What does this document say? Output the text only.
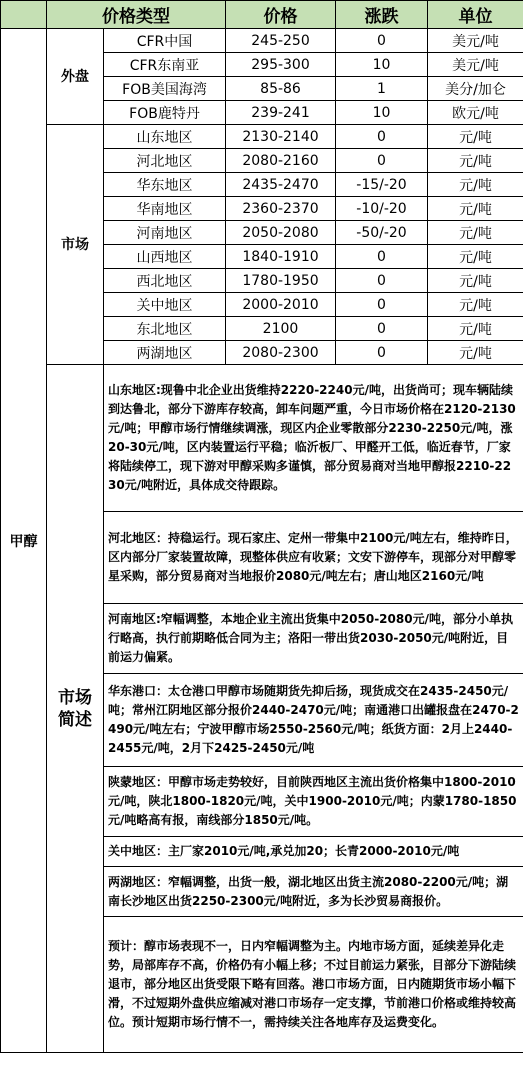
	价格类型		价格	涨跌	单位
甲醇	外盘	CFR中国	245-250	0	美元/吨
		CFR东南亚	295-300	10	美元/吨
		FOB美国海湾	85-86	1	美分/加仑
		FOB鹿特丹	239-241	10	欧元/吨
	市场	山东地区	2130-2140	0	元/吨
		河北地区	2080-2160	0	元/吨
		华东地区	2435-2470	-15/-20	元/吨
		华南地区	2360-2370	-10/-20	元/吨
		河南地区	2050-2080	-50/-20	元/吨
		山西地区	1840-1910	0	元/吨
		西北地区	1780-1950	0	元/吨
		关中地区	2000-2010	0	元/吨
		东北地区	2100	0	元/吨
		两湖地区	2080-2300	0	元/吨

	市场简述	山东地区:现鲁中北企业出货维持2220-2240元/吨，出货尚可；现车辆陆续到达鲁北，部分下游库存较高，卸车问题严重，今日市场价格在2120-2130元/吨；甲醇市场行情继续调涨，现区内企业零散部分2230-2250元/吨，涨20-30元/吨，区内装置运行平稳；临沂板厂、甲醛开工低，临近春节，厂家将陆续停工，现下游对甲醇采购多谨慎，部分贸易商对当地甲醇报2210-2230元/吨附近，具体成交待跟踪。			
		河北地区：持稳运行。现石家庄、定州一带集中2100元/吨左右，维持昨日，区内部分厂家装置故障，现整体供应有收紧；文安下游停车，现部分对甲醇零星采购，部分贸易商对当地报价2080元/吨左右；唐山地区2160元/吨			
		河南地区:窄幅调整，本地企业主流出货集中2050-2080元/吨，部分小单执行略高，执行前期略低合同为主；洛阳一带出货2030-2050元/吨附近，目前运力偏紧。			
		华东港口：太仓港口甲醇市场随期货先抑后扬，现货成交在2435-2450元/吨；常州江阴地区部分报价2440-2470元/吨；南通港口出罐报盘在2470-2490元/吨左右；宁波甲醇市场2550-2560元/吨；纸货方面：2月上2440-2455元/吨，2月下2425-2450元/吨			
		陕蒙地区：甲醇市场走势较好，目前陕西地区主流出货价格集中1800-2010元/吨，陕北1800-1820元/吨，关中1900-2010元/吨；内蒙1780-1850元/吨略高有报，南线部分1850元/吨。			
		关中地区：主厂家2010元/吨,承兑加20；长青2000-2010元/吨			
		两湖地区：窄幅调整，出货一般，湖北地区出货主流2080-2200元/吨；湖南长沙地区出货2250-2300元/吨附近，多为长沙贸易商报价。			
		预计：醇市场表现不一，日内窄幅调整为主。内地市场方面，延续差异化走势，局部库存不高，价格仍有小幅上移；不过目前运力紧张，目部分下游陆续退市，部分地区出货受限下略有回落。港口市场方面，日内随期货市场小幅下滑，不过短期外盘供应缩减对港口市场存一定支撑，节前港口价格或维持较高位。预计短期市场行情不一，需持续关注各地库存及运费变化。			
